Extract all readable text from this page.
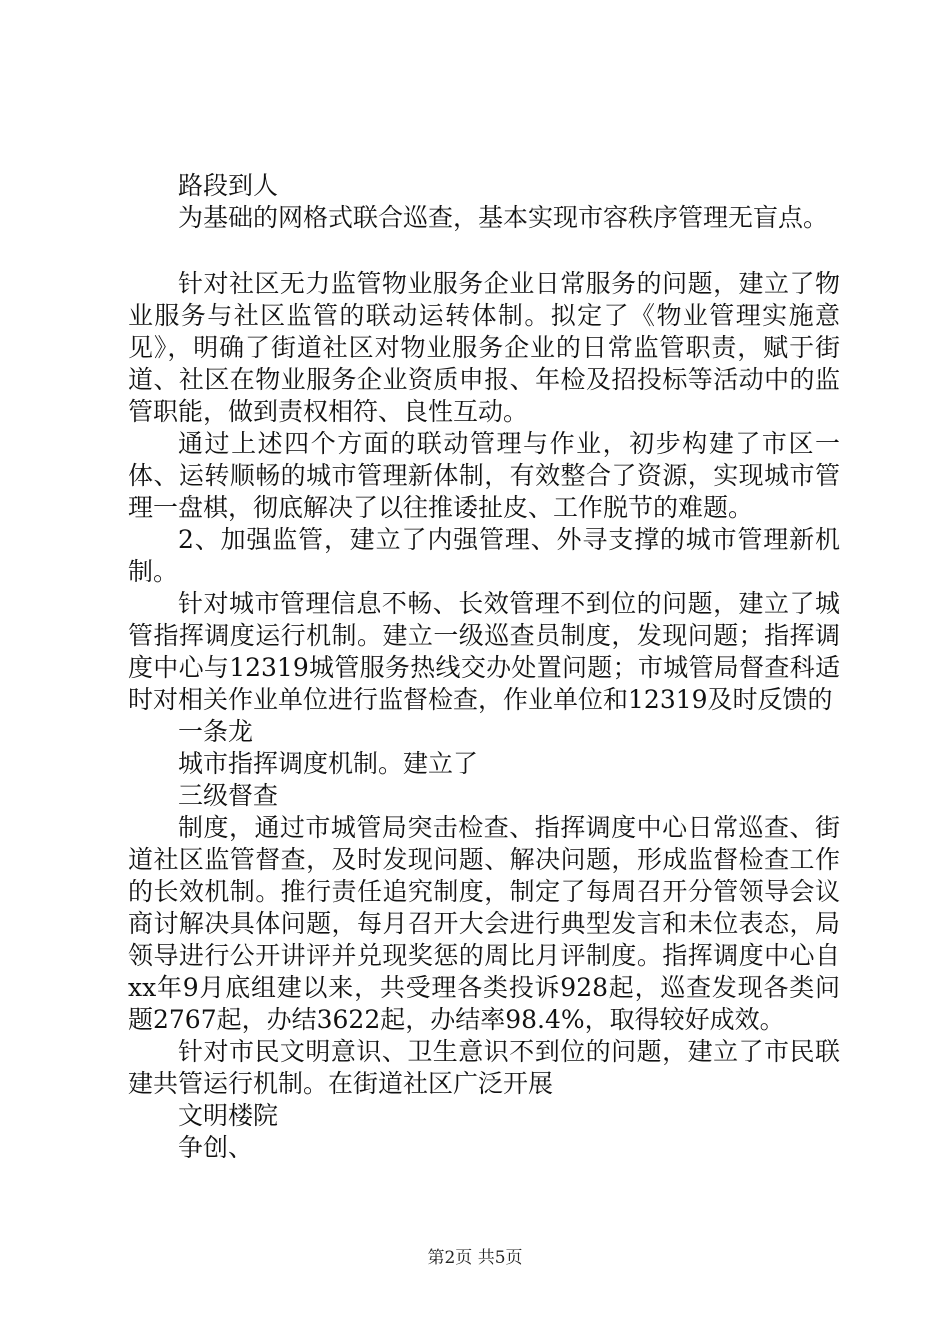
路段到人

为基础的网格式联合巡查，基本实现市容秩序管理无盲点。

针对社区无力监管物业服务企业日常服务的问题，建立了物业服务与社区监管的联动运转体制。拟定了《物业管理实施意见》，明确了街道社区对物业服务企业的日常监管职责，赋于街道、社区在物业服务企业资质申报、年检及招投标等活动中的监管职能，做到责权相符、良性互动。

通过上述四个方面的联动管理与作业，初步构建了市区一体、运转顺畅的城市管理新体制，有效整合了资源，实现城市管理一盘棋，彻底解决了以往推诿扯皮、工作脱节的难题。

2、加强监管，建立了内强管理、外寻支撑的城市管理新机制。

针对城市管理信息不畅、长效管理不到位的问题，建立了城管指挥调度运行机制。建立一级巡查员制度，发现问题；指挥调度中心与12319城管服务热线交办处置问题；市城管局督查科适时对相关作业单位进行监督检查，作业单位和12319及时反馈的

一条龙

城市指挥调度机制。建立了

三级督查

制度，通过市城管局突击检查、指挥调度中心日常巡查、街道社区监管督查，及时发现问题、解决问题，形成监督检查工作的长效机制。推行责任追究制度，制定了每周召开分管领导会议商讨解决具体问题，每月召开大会进行典型发言和未位表态，局领导进行公开讲评并兑现奖惩的周比月评制度。指挥调度中心自xx年9月底组建以来，共受理各类投诉928起，巡查发现各类问题2767起，办结3622起，办结率98.4%，取得较好成效。

针对市民文明意识、卫生意识不到位的问题，建立了市民联建共管运行机制。在街道社区广泛开展

文明楼院

争创、

第2页 共5页
